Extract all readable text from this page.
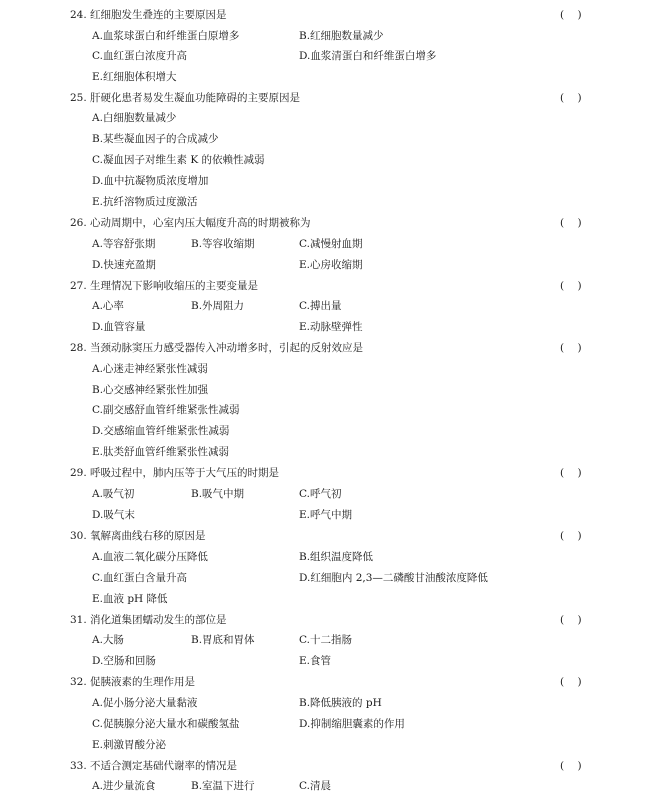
24. 红细胞发生叠连的主要原因是	(    )
A.血浆球蛋白和纤维蛋白原增多	B.红细胞数量减少
C.血红蛋白浓度升高	D.血浆清蛋白和纤维蛋白增多
E.红细胞体积增大
25. 肝硬化患者易发生凝血功能障碍的主要原因是	(    )
A.白细胞数量减少
B.某些凝血因子的合成减少
C.凝血因子对维生素 K 的依赖性减弱
D.血中抗凝物质浓度增加
E.抗纤溶物质过度激活
26. 心动周期中，心室内压大幅度升高的时期被称为	(    )
A.等容舒张期	B.等容收缩期	C.减慢射血期
D.快速充盈期	E.心房收缩期
27. 生理情况下影响收缩压的主要变量是	(    )
A.心率	B.外周阻力	C.搏出量
D.血管容量	E.动脉壁弹性
28. 当颈动脉窦压力感受器传入冲动增多时，引起的反射效应是	(    )
A.心迷走神经紧张性减弱
B.心交感神经紧张性加强
C.副交感舒血管纤维紧张性减弱
D.交感缩血管纤维紧张性减弱
E.肽类舒血管纤维紧张性减弱
29. 呼吸过程中，肺内压等于大气压的时期是	(    )
A.吸气初	B.吸气中期	C.呼气初
D.吸气末	E.呼气中期
30. 氧解离曲线右移的原因是	(    )
A.血液二氧化碳分压降低	B.组织温度降低
C.血红蛋白含量升高	D.红细胞内 2,3—二磷酸甘油酸浓度降低
E.血液 pH 降低
31. 消化道集团蠕动发生的部位是	(    )
A.大肠	B.胃底和胃体	C.十二指肠
D.空肠和回肠	E.食管
32. 促胰液素的生理作用是	(    )
A.促小肠分泌大量黏液	B.降低胰液的 pH
C.促胰腺分泌大量水和碳酸氢盐	D.抑制缩胆囊素的作用
E.刺激胃酸分泌
33. 不适合测定基础代谢率的情况是	(    )
A.进少量流食	B.室温下进行	C.清晨
